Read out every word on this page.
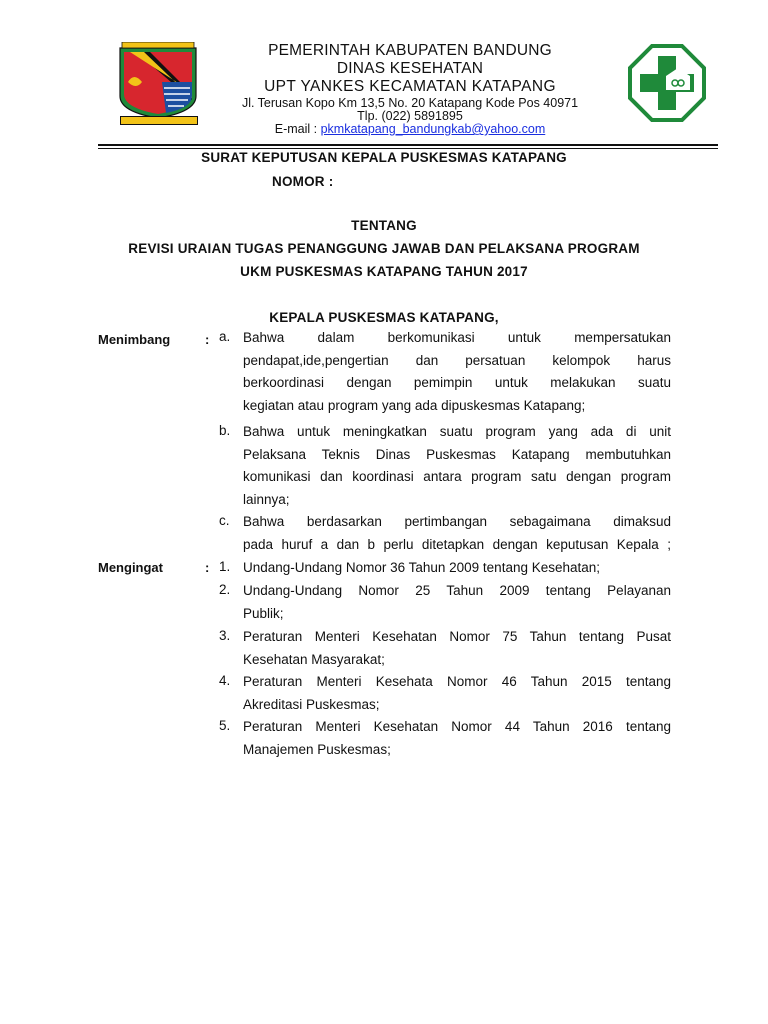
PEMERINTAH KABUPATEN BANDUNG
DINAS KESEHATAN
UPT YANKES KECAMATAN KATAPANG
Jl. Terusan Kopo Km 13,5 No. 20 Katapang Kode Pos 40971
Tlp. (022) 5891895
E-mail : pkmkatapang_bandungkab@yahoo.com
SURAT KEPUTUSAN KEPALA PUSKESMAS KATAPANG
NOMOR :
TENTANG
REVISI URAIAN TUGAS PENANGGUNG JAWAB DAN PELAKSANA PROGRAM
UKM PUSKESMAS KATAPANG TAHUN 2017
KEPALA PUSKESMAS KATAPANG,
Menimbang	: a. Bahwa dalam berkomunikasi untuk mempersatukan
pendapat,ide,pengertian dan persatuan kelompok harus
berkoordinasi dengan pemimpin untuk melakukan suatu
kegiatan atau program yang ada dipuskesmas Katapang;
b. Bahwa untuk meningkatkan suatu program yang ada di unit
Pelaksana Teknis Dinas Puskesmas Katapang membutuhkan
komunikasi dan koordinasi antara program satu dengan program
lainnya;
c. Bahwa berdasarkan pertimbangan sebagaimana dimaksud
pada huruf a dan b perlu ditetapkan dengan keputusan Kepala ;
Mengingat	: 1. Undang-Undang Nomor 36 Tahun 2009 tentang Kesehatan;
2. Undang-Undang Nomor 25 Tahun 2009 tentang Pelayanan
Publik;
3. Peraturan Menteri Kesehatan Nomor 75 Tahun tentang Pusat
Kesehatan Masyarakat;
4. Peraturan Menteri Kesehata Nomor 46 Tahun 2015 tentang
Akreditasi Puskesmas;
5. Peraturan Menteri Kesehatan Nomor 44 Tahun 2016 tentang
Manajemen Puskesmas;
